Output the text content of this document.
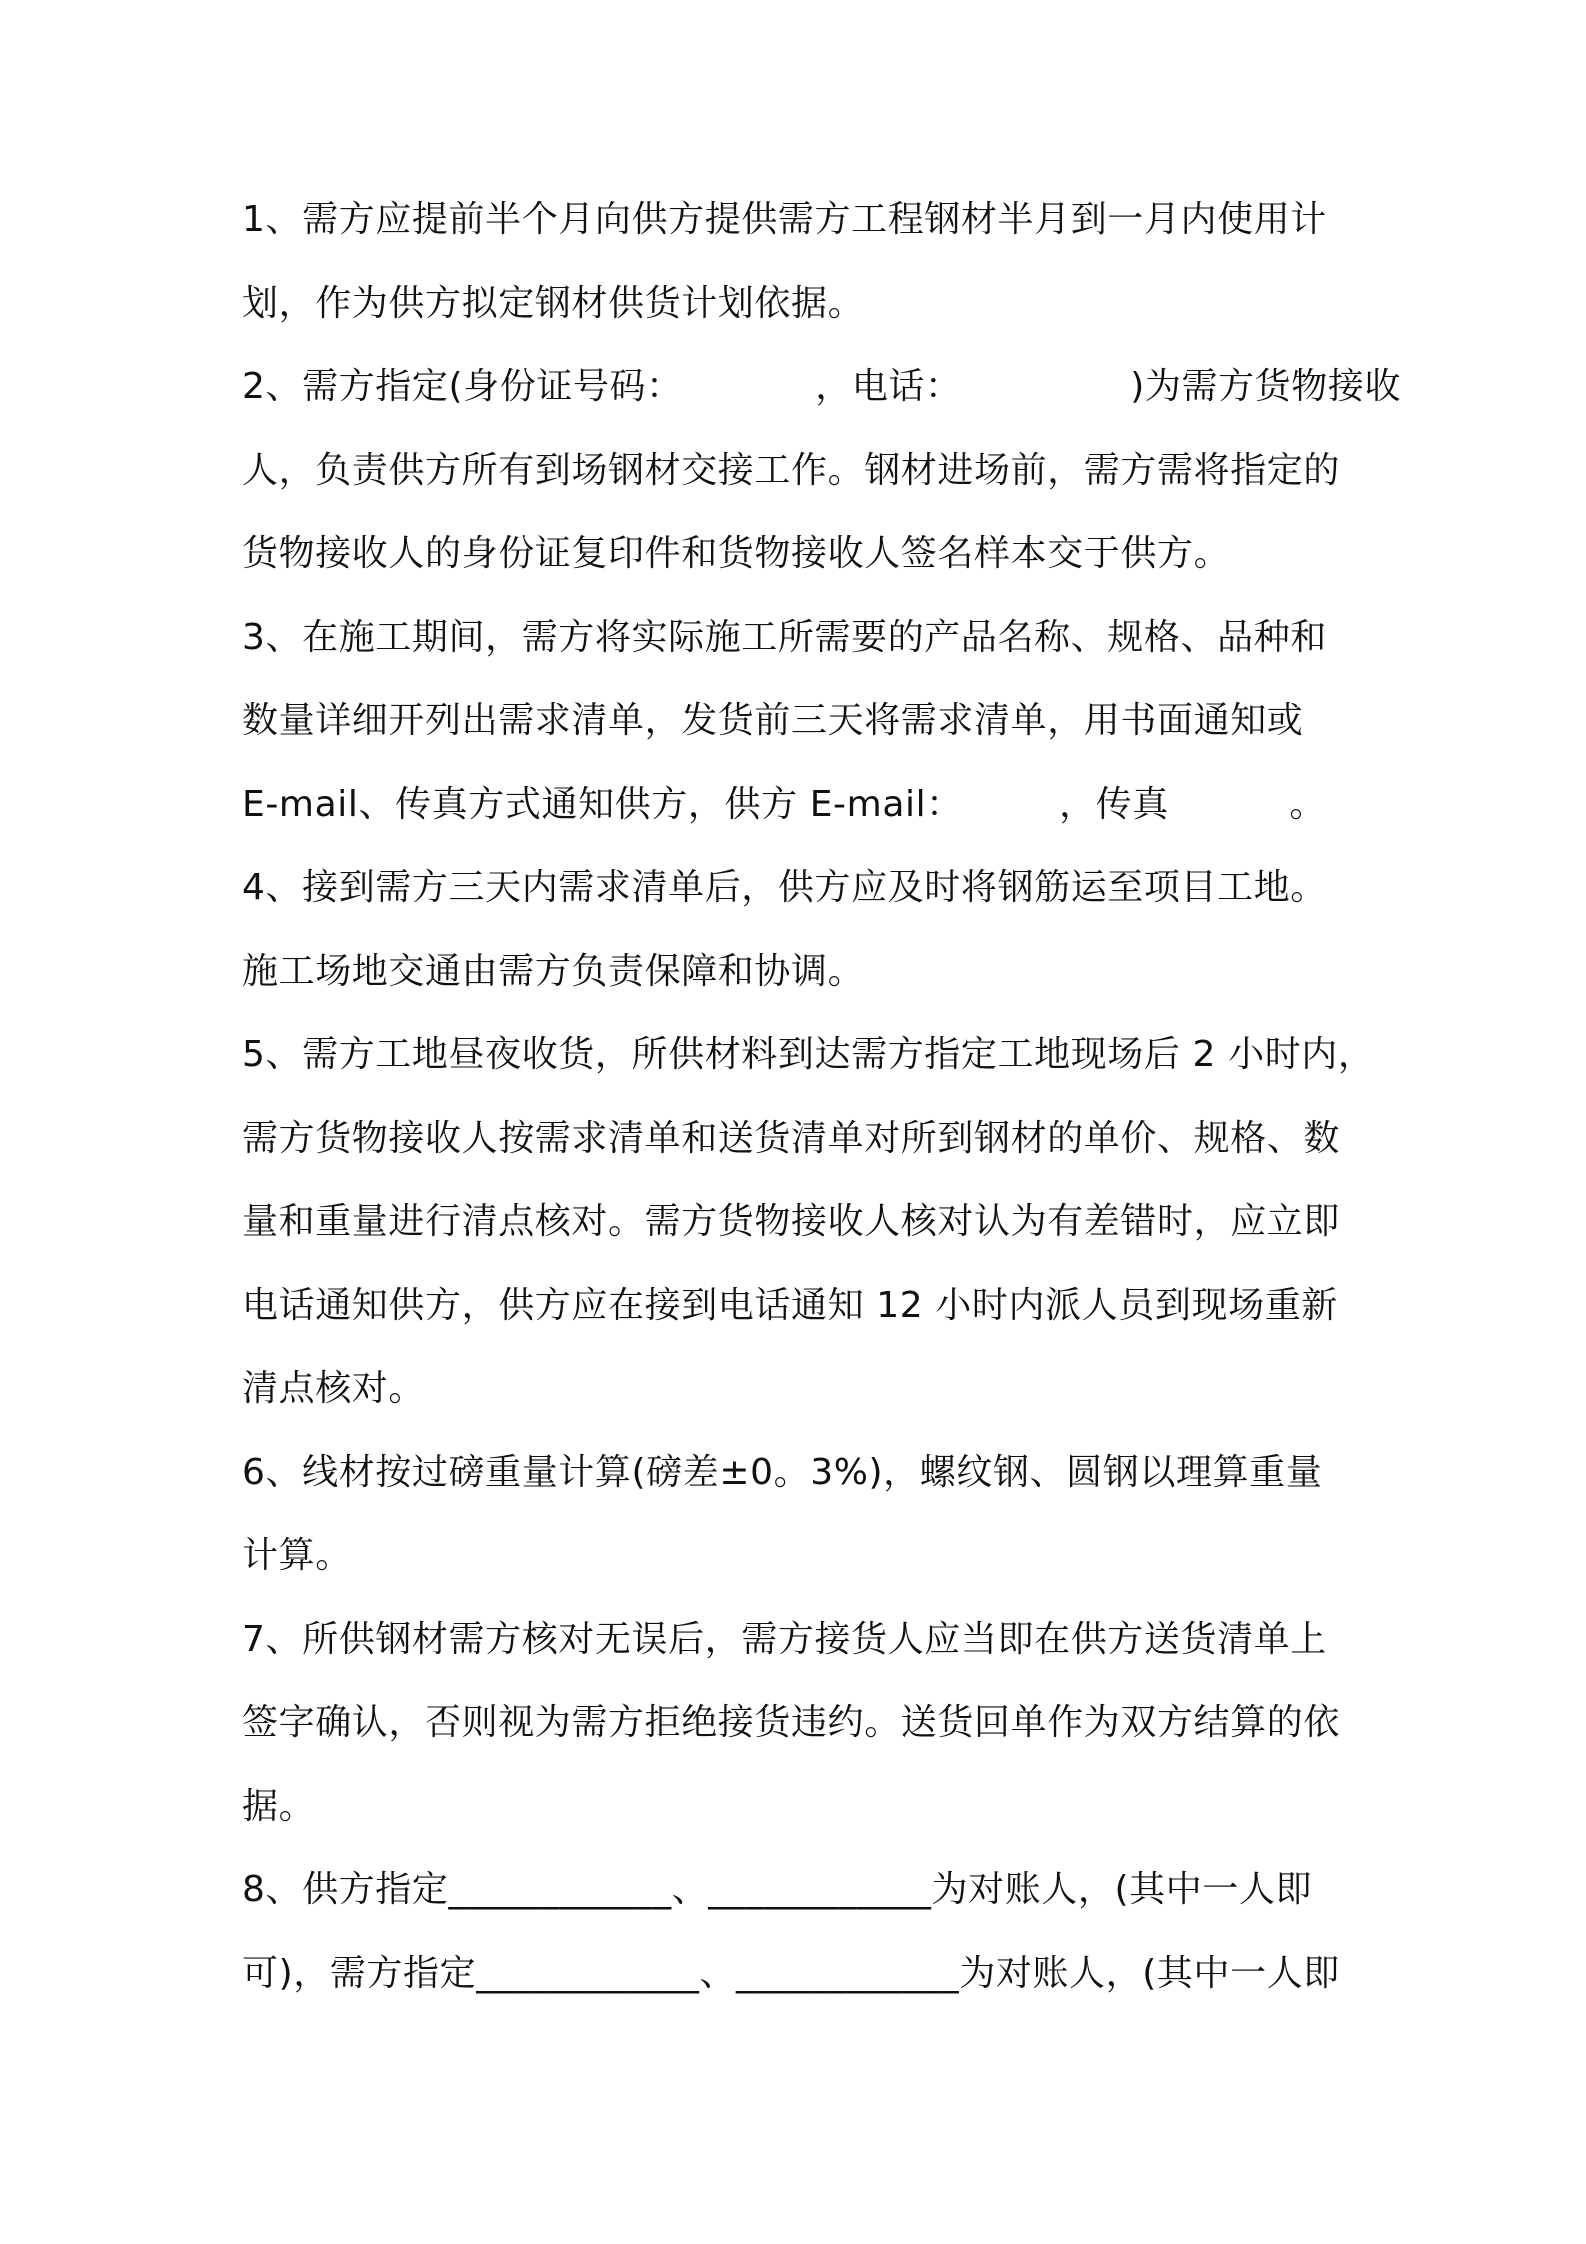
1、需方应提前半个月向供方提供需方工程钢材半月到一月内使用计
划，作为供方拟定钢材供货计划依据。
2、需方指定(身份证号码：           ，电话：              )为需方货物接收
人，负责供方所有到场钢材交接工作。钢材进场前，需方需将指定的
货物接收人的身份证复印件和货物接收人签名样本交于供方。
3、在施工期间，需方将实际施工所需要的产品名称、规格、品种和
数量详细开列出需求清单，发货前三天将需求清单，用书面通知或
E-mail、传真方式通知供方，供方 E-mail：        ，传真          。
4、接到需方三天内需求清单后，供方应及时将钢筋运至项目工地。
施工场地交通由需方负责保障和协调。
5、需方工地昼夜收货，所供材料到达需方指定工地现场后 2 小时内，
需方货物接收人按需求清单和送货清单对所到钢材的单价、规格、数
量和重量进行清点核对。需方货物接收人核对认为有差错时，应立即
电话通知供方，供方应在接到电话通知 12 小时内派人员到现场重新
清点核对。
6、线材按过磅重量计算(磅差±0。3%)，螺纹钢、圆钢以理算重量
计算。
7、所供钢材需方核对无误后，需方接货人应当即在供方送货清单上
签字确认，否则视为需方拒绝接货违约。送货回单作为双方结算的依
据。
8、供方指定____________、____________为对账人，(其中一人即
可)，需方指定____________、____________为对账人，(其中一人即
